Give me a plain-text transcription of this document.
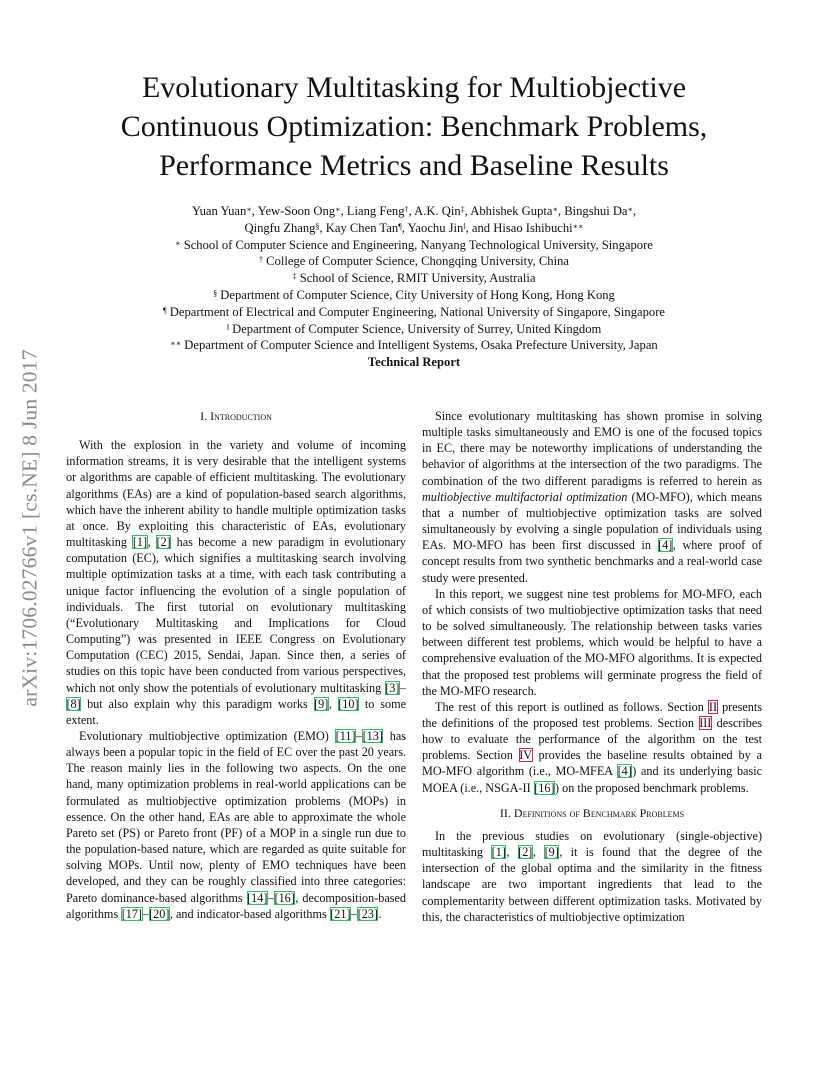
arXiv:1706.02766v1 [cs.NE] 8 Jun 2017
Evolutionary Multitasking for Multiobjective
Continuous Optimization: Benchmark Problems,
Performance Metrics and Baseline Results
Yuan Yuan∗, Yew-Soon Ong∗, Liang Feng†, A.K. Qin‡, Abhishek Gupta∗, Bingshui Da∗,
Qingfu Zhang§, Kay Chen Tan¶, Yaochu Jin‖, and Hisao Ishibuchi∗∗
∗ School of Computer Science and Engineering, Nanyang Technological University, Singapore
† College of Computer Science, Chongqing University, China
‡ School of Science, RMIT University, Australia
§ Department of Computer Science, City University of Hong Kong, Hong Kong
¶ Department of Electrical and Computer Engineering, National University of Singapore, Singapore
‖ Department of Computer Science, University of Surrey, United Kingdom
∗∗ Department of Computer Science and Intelligent Systems, Osaka Prefecture University, Japan
Technical Report
I. Introduction

With the explosion in the variety and volume of incoming information streams, it is very desirable that the intelligent systems or algorithms are capable of efficient multitasking. The evolutionary algorithms (EAs) are a kind of population-based search algorithms, which have the inherent ability to handle multiple optimization tasks at once. By exploiting this characteristic of EAs, evolutionary multitasking [1], [2] has become a new paradigm in evolutionary computation (EC), which signifies a multitasking search involving multiple optimization tasks at a time, with each task contributing a unique factor influencing the evolution of a single population of individuals. The first tutorial on evolutionary multitasking (“Evolutionary Multitasking and Implications for Cloud Computing”) was presented in IEEE Congress on Evolutionary Computation (CEC) 2015, Sendai, Japan. Since then, a series of studies on this topic have been conducted from various perspectives, which not only show the potentials of evolutionary multitasking [3]–[8] but also explain why this paradigm works [9], [10] to some extent.

Evolutionary multiobjective optimization (EMO) [11]–[13] has always been a popular topic in the field of EC over the past 20 years. The reason mainly lies in the following two aspects. On the one hand, many optimization problems in real-world applications can be formulated as multiobjective optimization problems (MOPs) in essence. On the other hand, EAs are able to approximate the whole Pareto set (PS) or Pareto front (PF) of a MOP in a single run due to the population-based nature, which are regarded as quite suitable for solving MOPs. Until now, plenty of EMO techniques have been developed, and they can be roughly classified into three categories: Pareto dominance-based algorithms [14]–[16], decomposition-based algorithms [17]–[20], and indicator-based algorithms [21]–[23].

Since evolutionary multitasking has shown promise in solving multiple tasks simultaneously and EMO is one of the focused topics in EC, there may be noteworthy implications of understanding the behavior of algorithms at the intersection of the two paradigms. The combination of the two different paradigms is referred to herein as multiobjective multifactorial optimization (MO-MFO), which means that a number of multiobjective optimization tasks are solved simultaneously by evolving a single population of individuals using EAs. MO-MFO has been first discussed in [4], where proof of concept results from two synthetic benchmarks and a real-world case study were presented.

In this report, we suggest nine test problems for MO-MFO, each of which consists of two multiobjective optimization tasks that need to be solved simultaneously. The relationship between tasks varies between different test problems, which would be helpful to have a comprehensive evaluation of the MO-MFO algorithms. It is expected that the proposed test problems will germinate progress the field of the MO-MFO research.

The rest of this report is outlined as follows. Section II presents the definitions of the proposed test problems. Section III describes how to evaluate the performance of the algorithm on the test problems. Section IV provides the baseline results obtained by a MO-MFO algorithm (i.e., MO-MFEA [4]) and its underlying basic MOEA (i.e., NSGA-II [16]) on the proposed benchmark problems.

II. Definitions of Benchmark Problems

In the previous studies on evolutionary (single-objective) multitasking [1], [2], [9], it is found that the degree of the intersection of the global optima and the similarity in the fitness landscape are two important ingredients that lead to the complementarity between different optimization tasks. Motivated by this, the characteristics of multiobjective optimization
